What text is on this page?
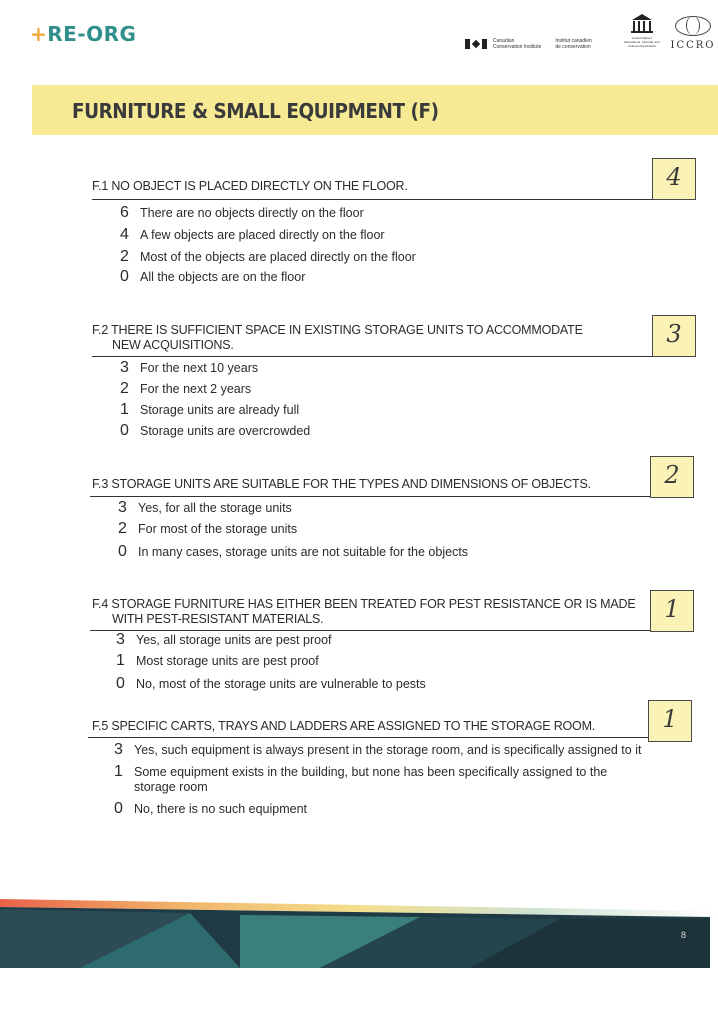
+RE-ORG	Canadian
Conservation Institute
Institut canadien
de conservation
United Nations
Educational, Scientific and
Cultural Organization	ICCRO
FURNITURE & SMALL EQUIPMENT (F)
F.1 NO OBJECT IS PLACED DIRECTLY ON THE FLOOR.	4
6 There are no objects directly on the floor
4 A few objects are placed directly on the floor
2 Most of the objects are placed directly on the floor
0 All the objects are on the floor
F.2 THERE IS SUFFICIENT SPACE IN EXISTING STORAGE UNITS TO ACCOMMODATE
NEW ACQUISITIONS.	3
3 For the next 10 years
2 For the next 2 years
1 Storage units are already full
0 Storage units are overcrowded
F.3 STORAGE UNITS ARE SUITABLE FOR THE TYPES AND DIMENSIONS OF OBJECTS.	2
3 Yes, for all the storage units
2 For most of the storage units
0 In many cases, storage units are not suitable for the objects
F.4 STORAGE FURNITURE HAS EITHER BEEN TREATED FOR PEST RESISTANCE OR IS MADE
WITH PEST-RESISTANT MATERIALS.	1
3 Yes, all storage units are pest proof
1 Most storage units are pest proof
0 No, most of the storage units are vulnerable to pests
F.5 SPECIFIC CARTS, TRAYS AND LADDERS ARE ASSIGNED TO THE STORAGE ROOM.	1
3 Yes, such equipment is always present in the storage room, and is specifically assigned to it
1 Some equipment exists in the building, but none has been specifically assigned to the
storage room
0 No, there is no such equipment
8
